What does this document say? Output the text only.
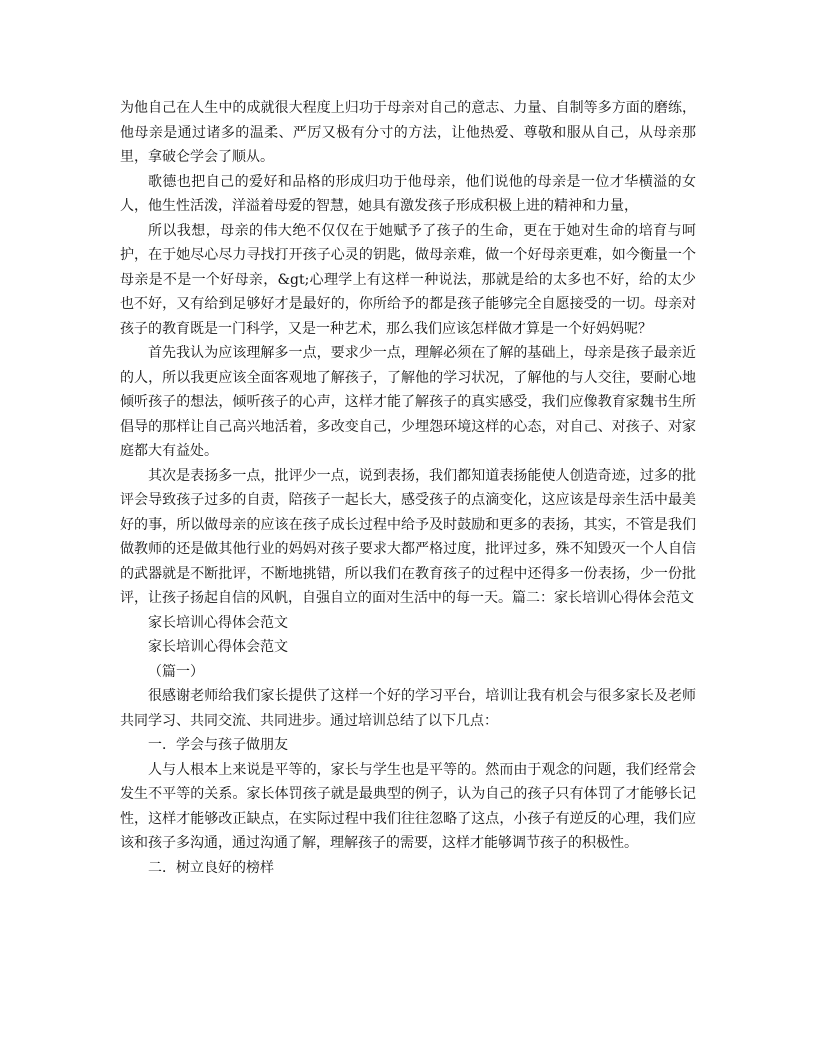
为他自己在人生中的成就很大程度上归功于母亲对自己的意志、力量、自制等多方面的磨练，他母亲是通过诸多的温柔、严厉又极有分寸的方法，让他热爱、尊敬和服从自己，从母亲那里，拿破仑学会了顺从。

歌德也把自己的爱好和品格的形成归功于他母亲，他们说他的母亲是一位才华横溢的女人，他生性活泼，洋溢着母爱的智慧，她具有激发孩子形成积极上进的精神和力量，

所以我想，母亲的伟大绝不仅仅在于她赋予了孩子的生命，更在于她对生命的培育与呵护，在于她尽心尽力寻找打开孩子心灵的钥匙，做母亲难，做一个好母亲更难，如今衡量一个母亲是不是一个好母亲，&gt;心理学上有这样一种说法，那就是给的太多也不好，给的太少也不好，又有给到足够好才是最好的，你所给予的都是孩子能够完全自愿接受的一切。母亲对孩子的教育既是一门科学，又是一种艺术，那么我们应该怎样做才算是一个好妈妈呢？

首先我认为应该理解多一点，要求少一点，理解必须在了解的基础上，母亲是孩子最亲近的人，所以我更应该全面客观地了解孩子，了解他的学习状况，了解他的与人交往，要耐心地倾听孩子的想法，倾听孩子的心声，这样才能了解孩子的真实感受，我们应像教育家魏书生所倡导的那样让自己高兴地活着，多改变自己，少埋怨环境这样的心态，对自己、对孩子、对家庭都大有益处。

其次是表扬多一点，批评少一点，说到表扬，我们都知道表扬能使人创造奇迹，过多的批评会导致孩子过多的自责，陪孩子一起长大，感受孩子的点滴变化，这应该是母亲生活中最美好的事，所以做母亲的应该在孩子成长过程中给予及时鼓励和更多的表扬，其实，不管是我们做教师的还是做其他行业的妈妈对孩子要求大都严格过度，批评过多，殊不知毁灭一个人自信的武器就是不断批评，不断地挑错，所以我们在教育孩子的过程中还得多一份表扬，少一份批评，让孩子扬起自信的风帆，自强自立的面对生活中的每一天。篇二：家长培训心得体会范文

家长培训心得体会范文

家长培训心得体会范文

（篇一）

很感谢老师给我们家长提供了这样一个好的学习平台，培训让我有机会与很多家长及老师共同学习、共同交流、共同进步。通过培训总结了以下几点：

一．学会与孩子做朋友

人与人根本上来说是平等的，家长与学生也是平等的。然而由于观念的问题，我们经常会发生不平等的关系。家长体罚孩子就是最典型的例子，认为自己的孩子只有体罚了才能够长记性，这样才能够改正缺点，在实际过程中我们往往忽略了这点，小孩子有逆反的心理，我们应该和孩子多沟通，通过沟通了解，理解孩子的需要，这样才能够调节孩子的积极性。

二．树立良好的榜样
